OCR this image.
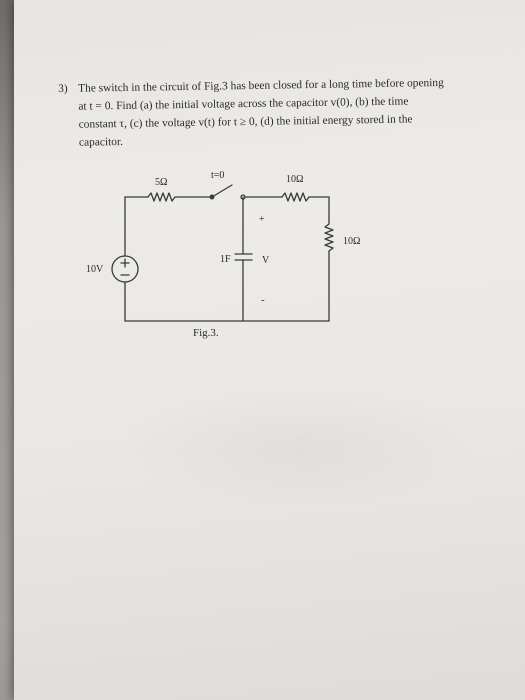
3) The switch in the circuit of Fig.3 has been closed for a long time before opening
at t = 0. Find (a) the initial voltage across the capacitor v(0), (b) the time
constant τ, (c) the voltage v(t) for t ≥ 0, (d) the initial energy stored in the
capacitor.
t=0
5Ω	10Ω
10Ω
10V
1F	V
+
-
Fig.3.
